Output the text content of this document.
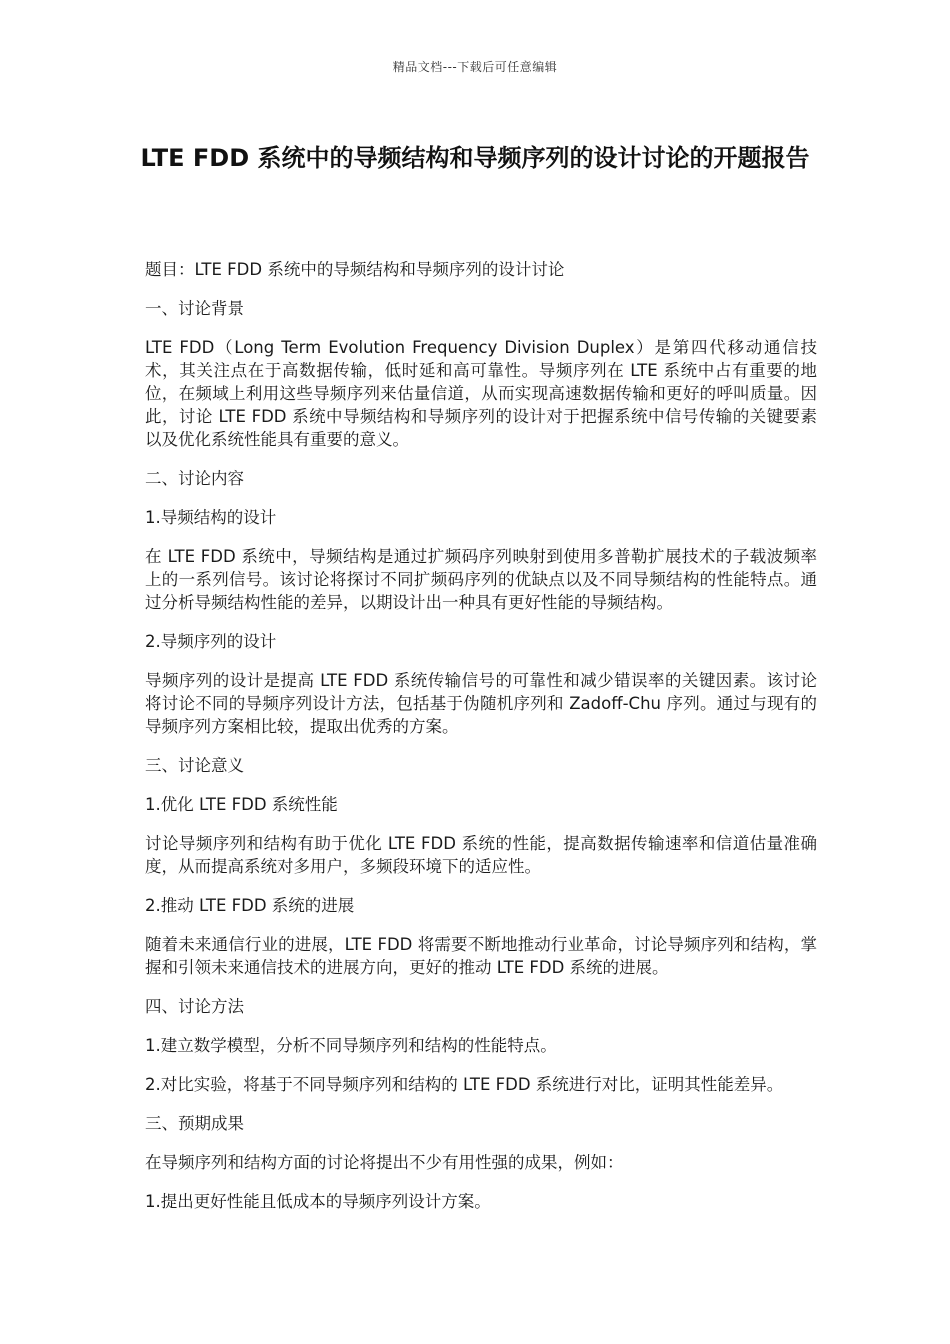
精品文档---下载后可任意编辑
LTE FDD 系统中的导频结构和导频序列的设计讨论的开题报告

题目：LTE FDD 系统中的导频结构和导频序列的设计讨论

一、讨论背景

LTE FDD（Long Term Evolution Frequency Division Duplex）是第四代移动通信技术，其关注点在于高数据传输，低时延和高可靠性。导频序列在 LTE 系统中占有重要的地位，在频域上利用这些导频序列来估量信道，从而实现高速数据传输和更好的呼叫质量。因此，讨论 LTE FDD 系统中导频结构和导频序列的设计对于把握系统中信号传输的关键要素以及优化系统性能具有重要的意义。

二、讨论内容

1.导频结构的设计

在 LTE FDD 系统中，导频结构是通过扩频码序列映射到使用多普勒扩展技术的子载波频率上的一系列信号。该讨论将探讨不同扩频码序列的优缺点以及不同导频结构的性能特点。通过分析导频结构性能的差异，以期设计出一种具有更好性能的导频结构。

2.导频序列的设计

导频序列的设计是提高 LTE FDD 系统传输信号的可靠性和减少错误率的关键因素。该讨论将讨论不同的导频序列设计方法，包括基于伪随机序列和 Zadoff-Chu 序列。通过与现有的导频序列方案相比较，提取出优秀的方案。

三、讨论意义

1.优化 LTE FDD 系统性能

讨论导频序列和结构有助于优化 LTE FDD 系统的性能，提高数据传输速率和信道估量准确度，从而提高系统对多用户，多频段环境下的适应性。

2.推动 LTE FDD 系统的进展

随着未来通信行业的进展，LTE FDD 将需要不断地推动行业革命，讨论导频序列和结构，掌握和引领未来通信技术的进展方向，更好的推动 LTE FDD 系统的进展。

四、讨论方法

1.建立数学模型，分析不同导频序列和结构的性能特点。

2.对比实验，将基于不同导频序列和结构的 LTE FDD 系统进行对比，证明其性能差异。

三、预期成果

在导频序列和结构方面的讨论将提出不少有用性强的成果，例如：

1.提出更好性能且低成本的导频序列设计方案。
